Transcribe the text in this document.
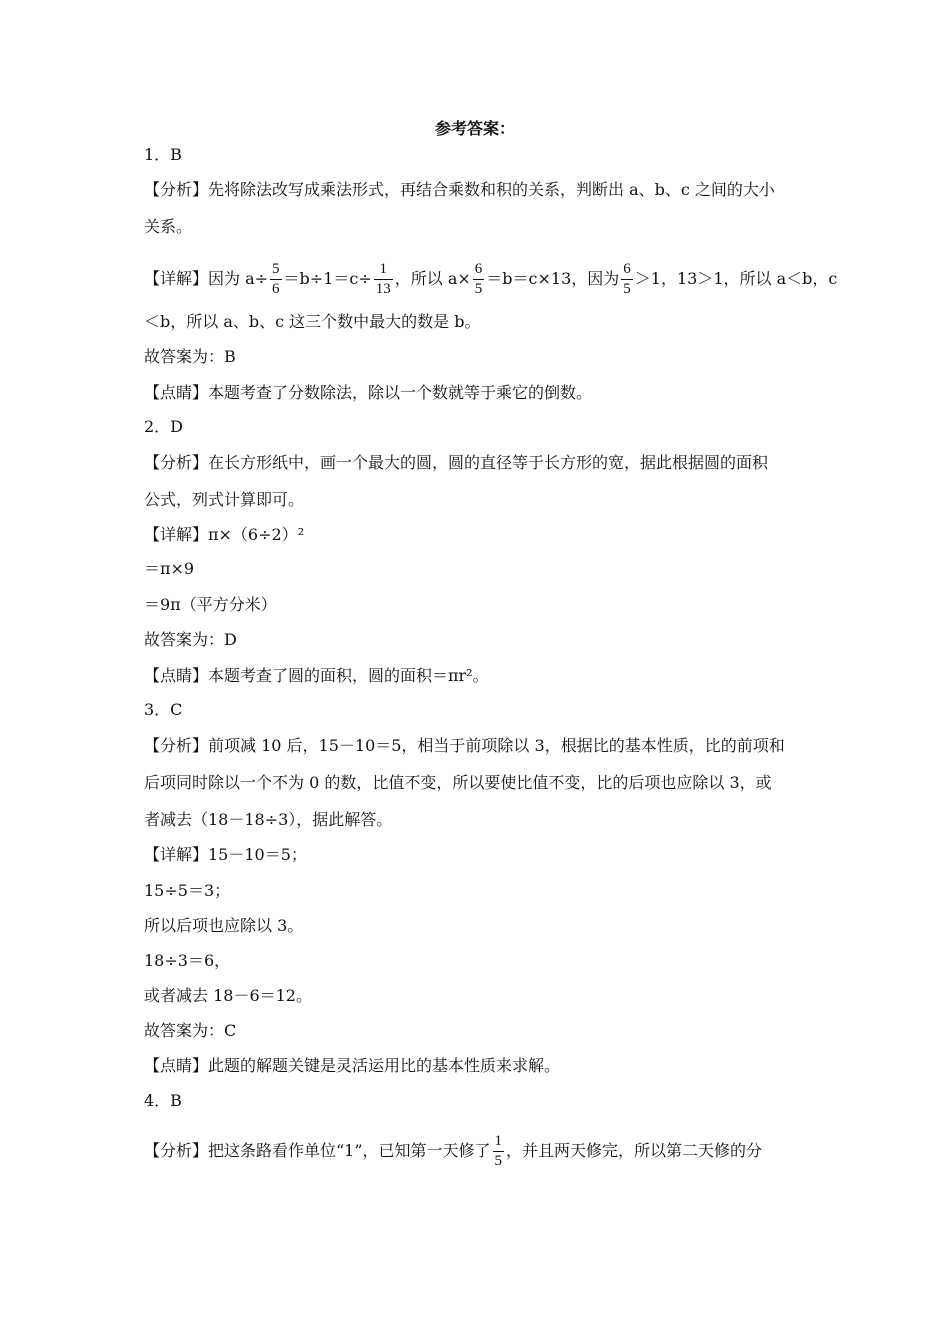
参考答案：
1．B
【分析】先将除法改写成乘法形式，再结合乘数和积的关系，判断出 a、b、c 之间的大小
关系。
【详解】因为 $a\div \frac{5}{6} =b\div 1=c\div \frac{1}{13}$ ，所以 $a\times \frac{6}{5} =b=c\times 13$，因为 $\frac{6}{5} >1$，13＞1，所以 a＜b，c
＜b，所以 a、b、c 这三个数中最大的数是 b。
故答案为：B
【点睛】本题考查了分数除法，除以一个数就等于乘它的倒数。
2．D
【分析】在长方形纸中，画一个最大的圆，圆的直径等于长方形的宽，据此根据圆的面积
公式，列式计算即可。
【详解】π×（6÷2）²
＝π×9
＝9π（平方分米）
故答案为：D
【点睛】本题考查了圆的面积，圆的面积＝πr²。
3．C
【分析】前项减 10 后，15－10＝5，相当于前项除以 3，根据比的基本性质，比的前项和
后项同时除以一个不为 0 的数，比值不变，所以要使比值不变，比的后项也应除以 3，或
者减去（18－18÷3），据此解答。
【详解】15－10＝5；
15÷5＝3；
所以后项也应除以 3。
18÷3＝6，
或者减去 18－6＝12。
故答案为：C
【点睛】此题的解题关键是灵活运用比的基本性质来求解。
4．B
【分析】把这条路看作单位“1”，已知第一天修了 $\frac{1}{5}$ ，并且两天修完，所以第二天修的分
